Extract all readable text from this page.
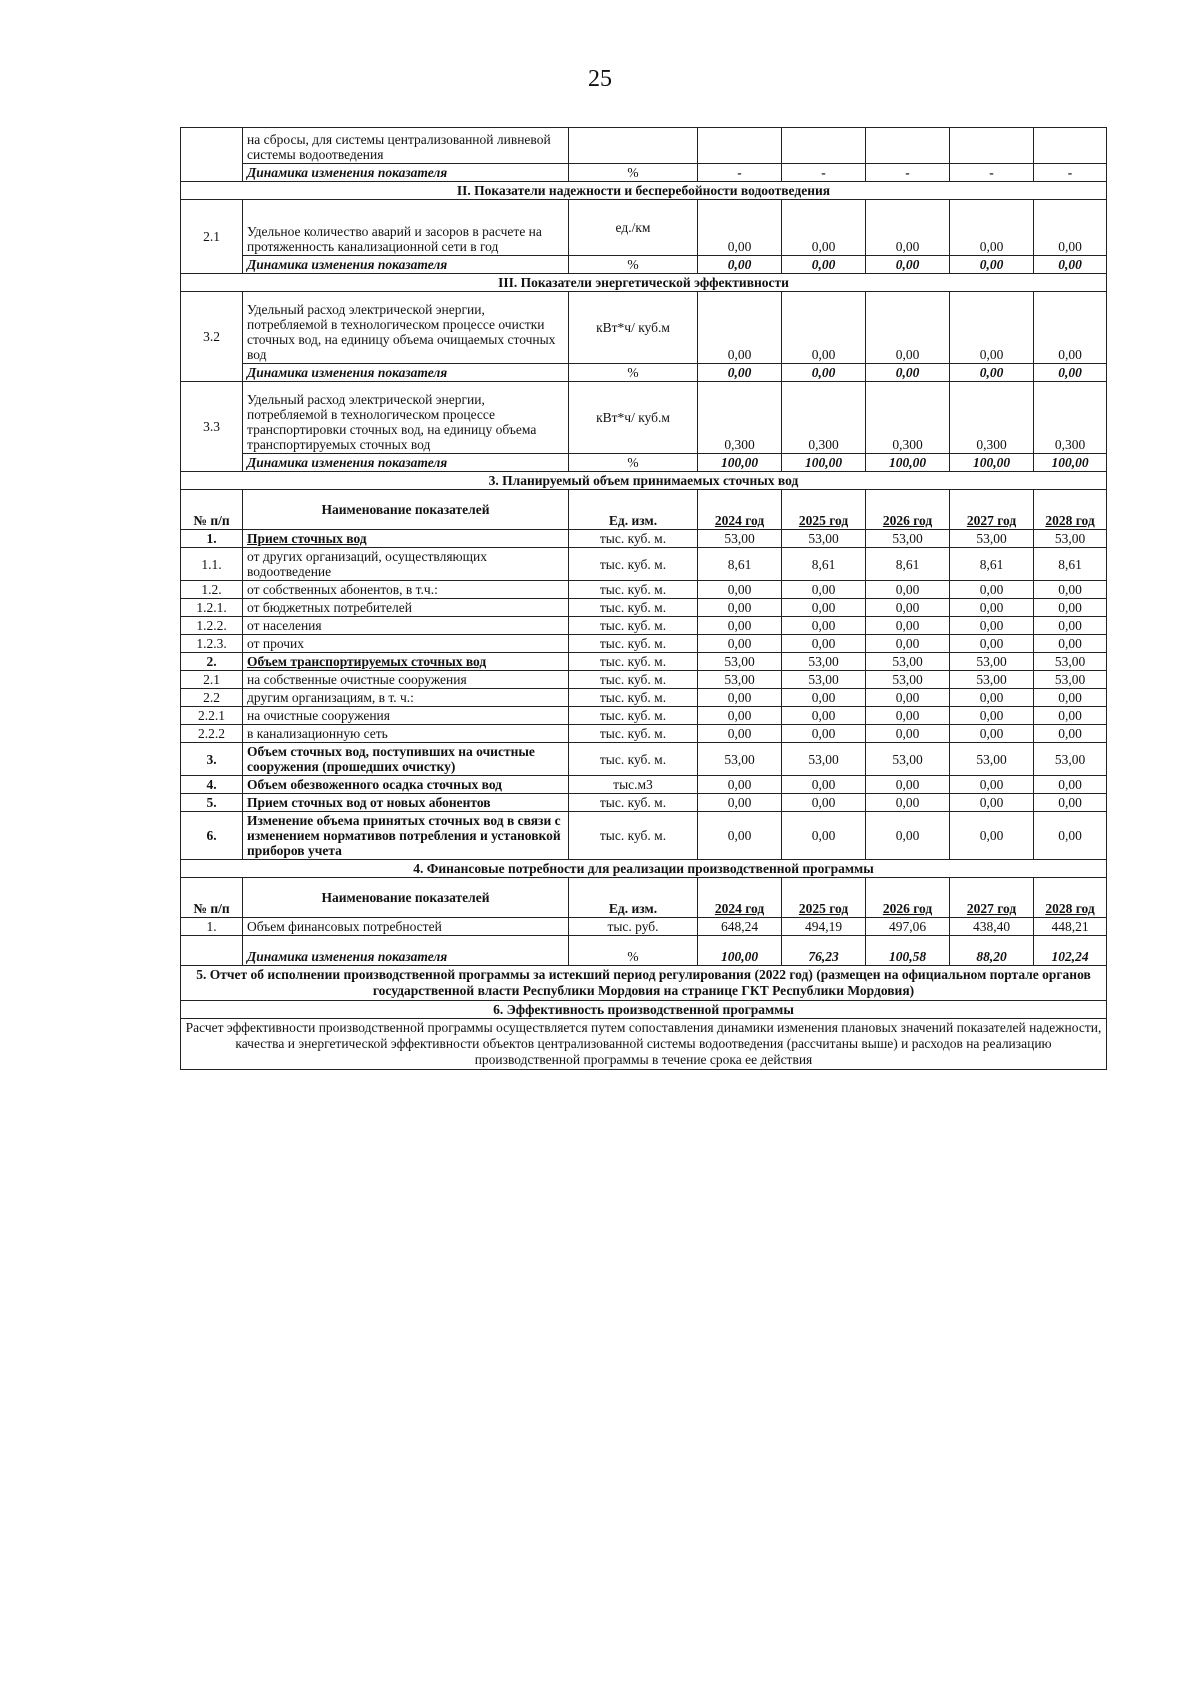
25
	на сбросы, для системы централизованной ливневой системы водоотведения						
	Динамика изменения показателя	%	-	-	-	-	-
II. Показатели надежности и бесперебойности водоотведения							
2.1	Удельное количество аварий и засоров в расчете на протяженность канализационной сети в год	ед./км	0,00	0,00	0,00	0,00	0,00
	Динамика изменения показателя	%	0,00	0,00	0,00	0,00	0,00
III. Показатели энергетической эффективности							
3.2	Удельный расход электрической энергии, потребляемой в технологическом процессе очистки сточных вод, на единицу объема очищаемых сточных вод	кВт*ч/ куб.м	0,00	0,00	0,00	0,00	0,00
	Динамика изменения показателя	%	0,00	0,00	0,00	0,00	0,00
3.3	Удельный расход электрической энергии, потребляемой в технологическом процессе транспортировки сточных вод, на единицу объема транспортируемых сточных вод	кВт*ч/ куб.м	0,300	0,300	0,300	0,300	0,300
	Динамика изменения показателя	%	100,00	100,00	100,00	100,00	100,00
3. Планируемый объем принимаемых сточных вод							
№ п/п	Наименование показателей	Ед. изм.	2024 год	2025 год	2026 год	2027 год	2028 год
1.	Прием сточных вод	тыс. куб. м.	53,00	53,00	53,00	53,00	53,00
1.1.	от других организаций, осуществляющих водоотведение	тыс. куб. м.	8,61	8,61	8,61	8,61	8,61
1.2.	от собственных абонентов, в т.ч.:	тыс. куб. м.	0,00	0,00	0,00	0,00	0,00
1.2.1.	от бюджетных потребителей	тыс. куб. м.	0,00	0,00	0,00	0,00	0,00
1.2.2.	от населения	тыс. куб. м.	0,00	0,00	0,00	0,00	0,00
1.2.3.	от прочих	тыс. куб. м.	0,00	0,00	0,00	0,00	0,00
2.	Объем транспортируемых сточных вод	тыс. куб. м.	53,00	53,00	53,00	53,00	53,00
2.1	на собственные очистные сооружения	тыс. куб. м.	53,00	53,00	53,00	53,00	53,00
2.2	другим организациям, в т. ч.:	тыс. куб. м.	0,00	0,00	0,00	0,00	0,00
2.2.1	на очистные сооружения	тыс. куб. м.	0,00	0,00	0,00	0,00	0,00
2.2.2	в канализационную сеть	тыс. куб. м.	0,00	0,00	0,00	0,00	0,00
3.	Объем сточных вод, поступивших на очистные сооружения (прошедших очистку)	тыс. куб. м.	53,00	53,00	53,00	53,00	53,00
4.	Объем обезвоженного осадка сточных вод	тыс.м3	0,00	0,00	0,00	0,00	0,00
5.	Прием сточных вод от новых абонентов	тыс. куб. м.	0,00	0,00	0,00	0,00	0,00
6.	Изменение объема принятых сточных вод в связи с изменением нормативов потребления и установкой приборов учета	тыс. куб. м.	0,00	0,00	0,00	0,00	0,00
4. Финансовые потребности для реализации производственной программы							
№ п/п	Наименование показателей	Ед. изм.	2024 год	2025 год	2026 год	2027 год	2028 год
1.	Объем финансовых потребностей	тыс. руб.	648,24	494,19	497,06	438,40	448,21
	Динамика изменения показателя	%	100,00	76,23	100,58	88,20	102,24
5. Отчет об исполнении производственной программы за истекший период регулирования (2022 год) (размещен на официальном портале органов государственной власти Республики Мордовия на странице ГКТ Республики Мордовия)							
6. Эффективность производственной программы							
Расчет эффективности производственной программы осуществляется путем сопоставления динамики изменения плановых значений показателей надежности, качества и энергетической эффективности объектов централизованной системы водоотведения (рассчитаны выше) и расходов на реализацию производственной программы в течение срока ее действия							
